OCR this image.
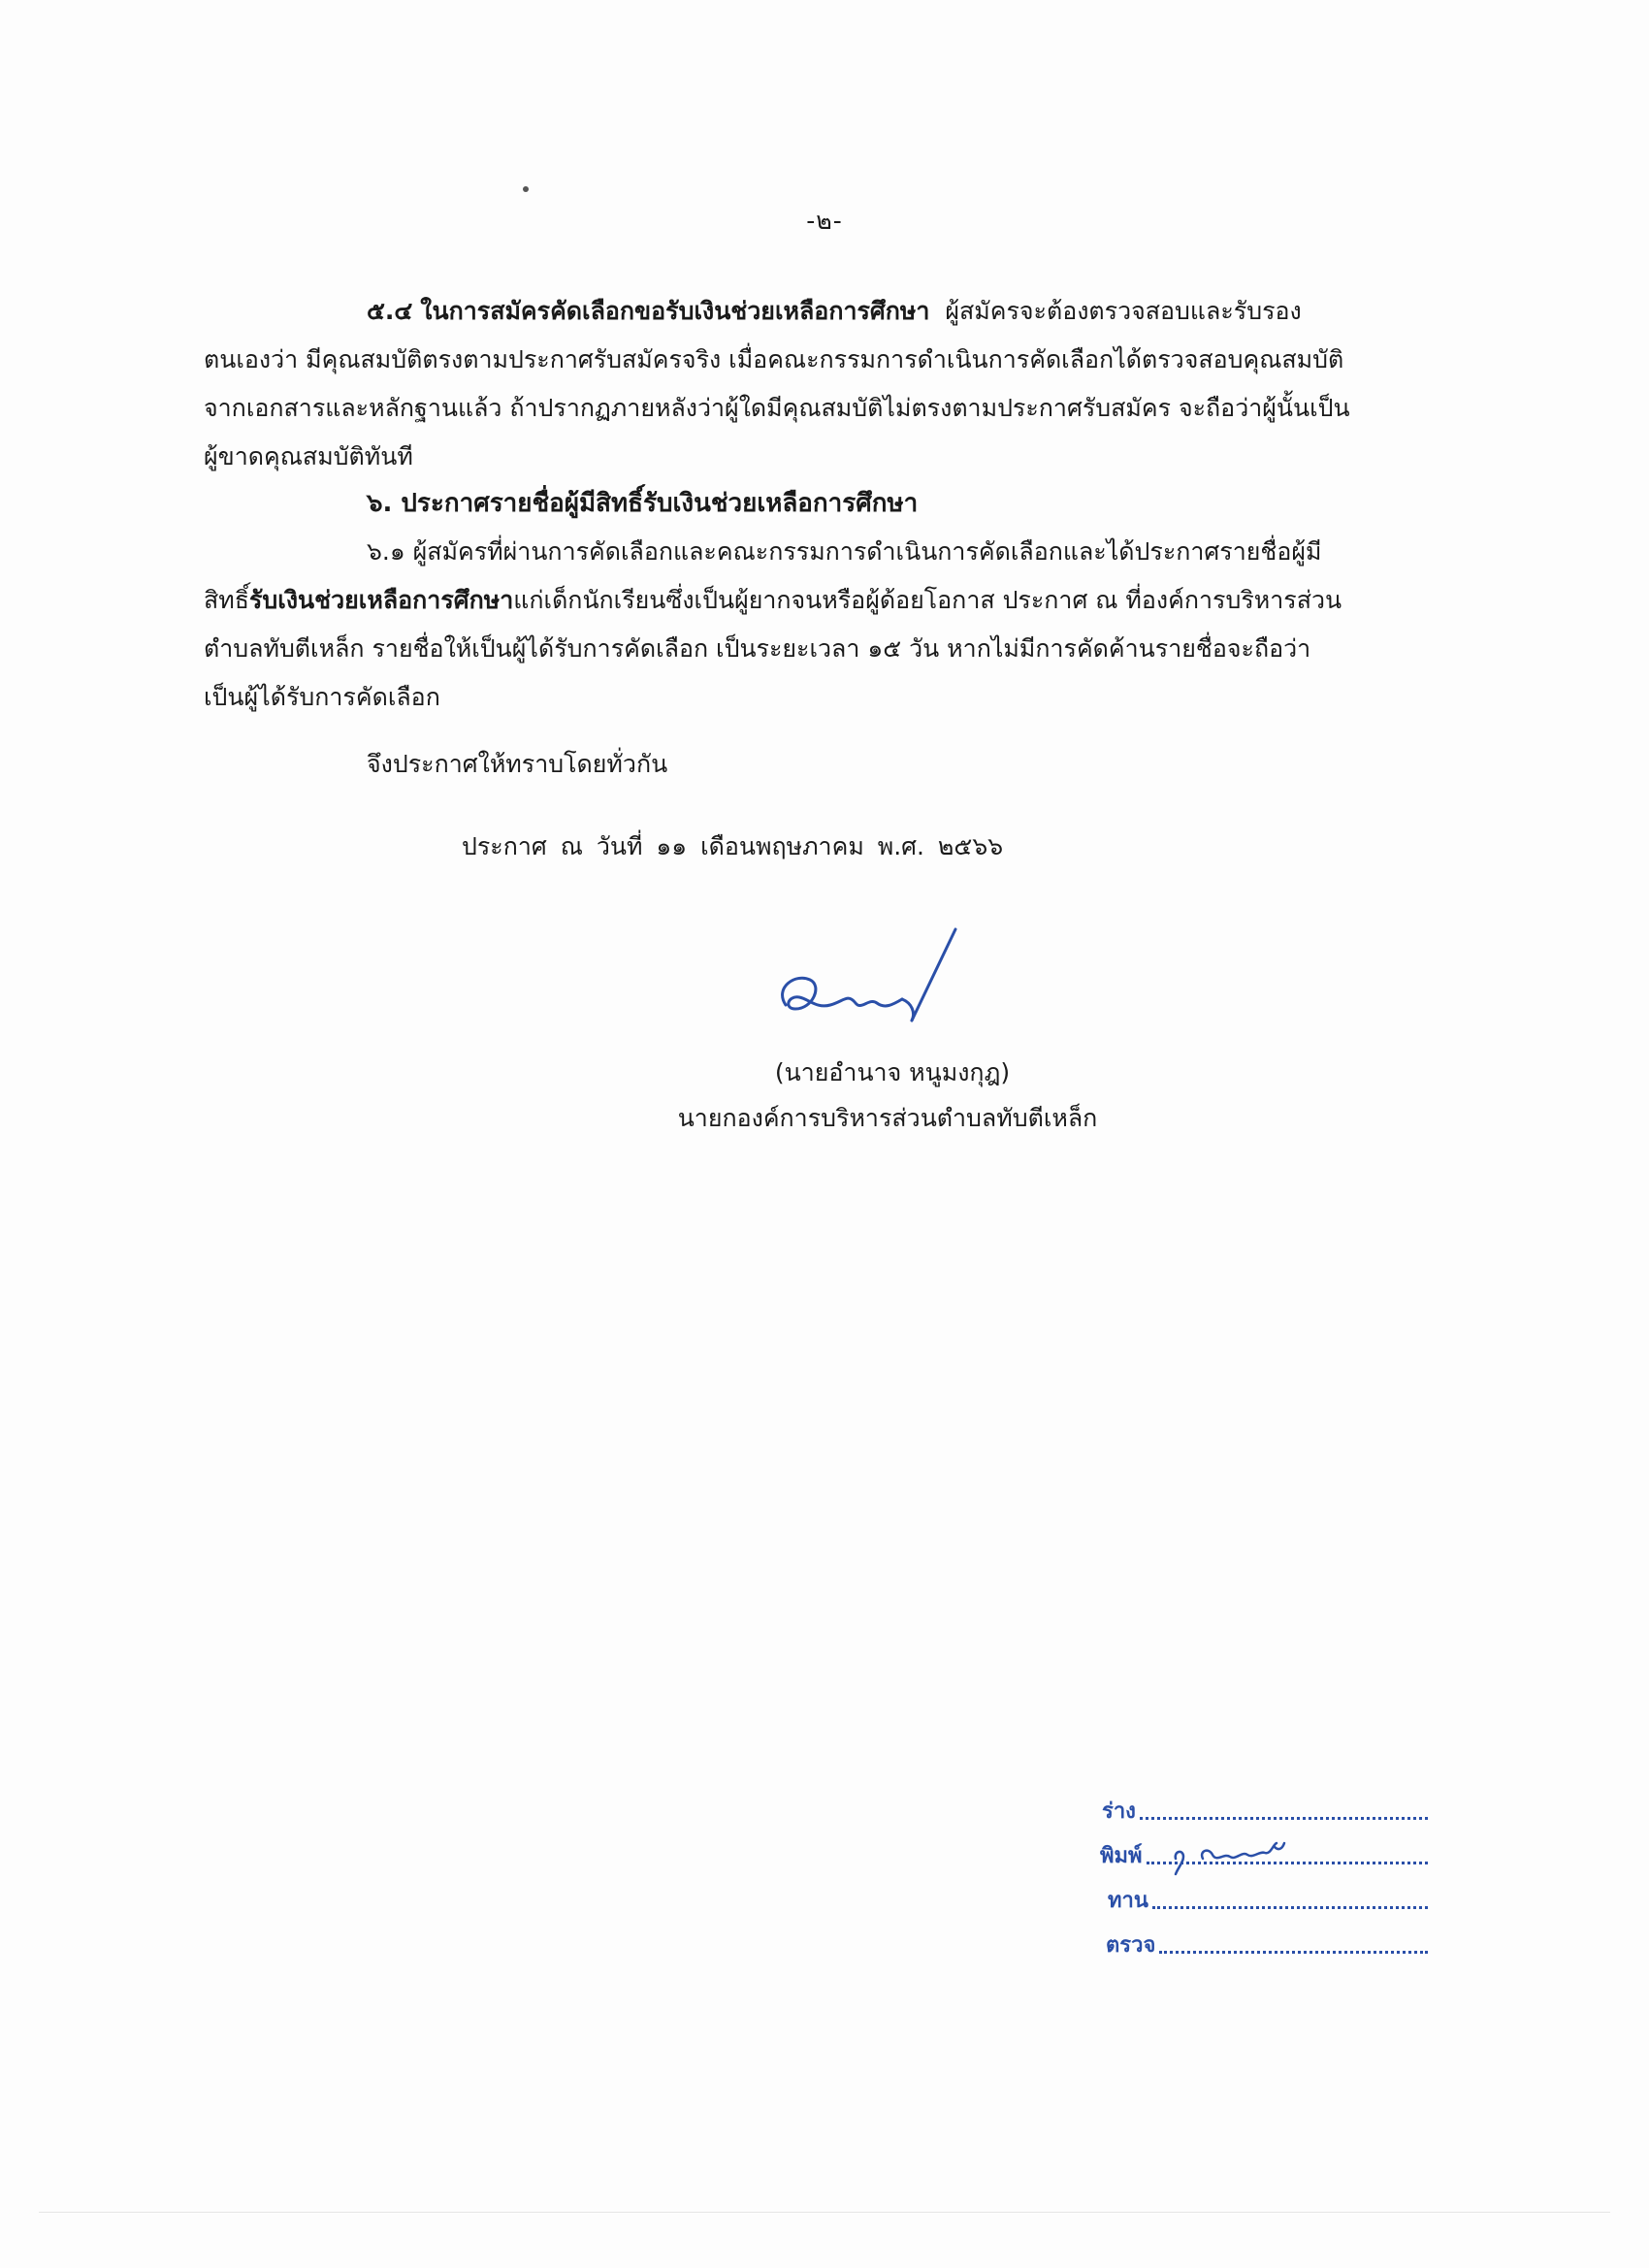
-๒-
๕.๔ ในการสมัครคัดเลือกขอรับเงินช่วยเหลือการศึกษา ผู้สมัครจะต้องตรวจสอบและรับรอง
ตนเองว่า มีคุณสมบัติตรงตามประกาศรับสมัครจริง เมื่อคณะกรรมการดำเนินการคัดเลือกได้ตรวจสอบคุณสมบัติ
จากเอกสารและหลักฐานแล้ว ถ้าปรากฏภายหลังว่าผู้ใดมีคุณสมบัติไม่ตรงตามประกาศรับสมัคร จะถือว่าผู้นั้นเป็น
ผู้ขาดคุณสมบัติทันที
๖. ประกาศรายชื่อผู้มีสิทธิ์รับเงินช่วยเหลือการศึกษา
๖.๑ ผู้สมัครที่ผ่านการคัดเลือกและคณะกรรมการดำเนินการคัดเลือกและได้ประกาศรายชื่อผู้มี
สิทธิ์รับเงินช่วยเหลือการศึกษาแก่เด็กนักเรียนซึ่งเป็นผู้ยากจนหรือผู้ด้อยโอกาส ประกาศ ณ ที่องค์การบริหารส่วน
ตำบลทับตีเหล็ก รายชื่อให้เป็นผู้ได้รับการคัดเลือก เป็นระยะเวลา ๑๕ วัน หากไม่มีการคัดค้านรายชื่อจะถือว่า
เป็นผู้ได้รับการคัดเลือก
จึงประกาศให้ทราบโดยทั่วกัน
ประกาศ ณ วันที่ ๑๑ เดือนพฤษภาคม พ.ศ. ๒๕๖๖
(นายอำนาจ หนูมงกุฎ)
นายกองค์การบริหารส่วนตำบลทับตีเหล็ก
ร่าง
พิมพ์
ทาน
ตรวจ
